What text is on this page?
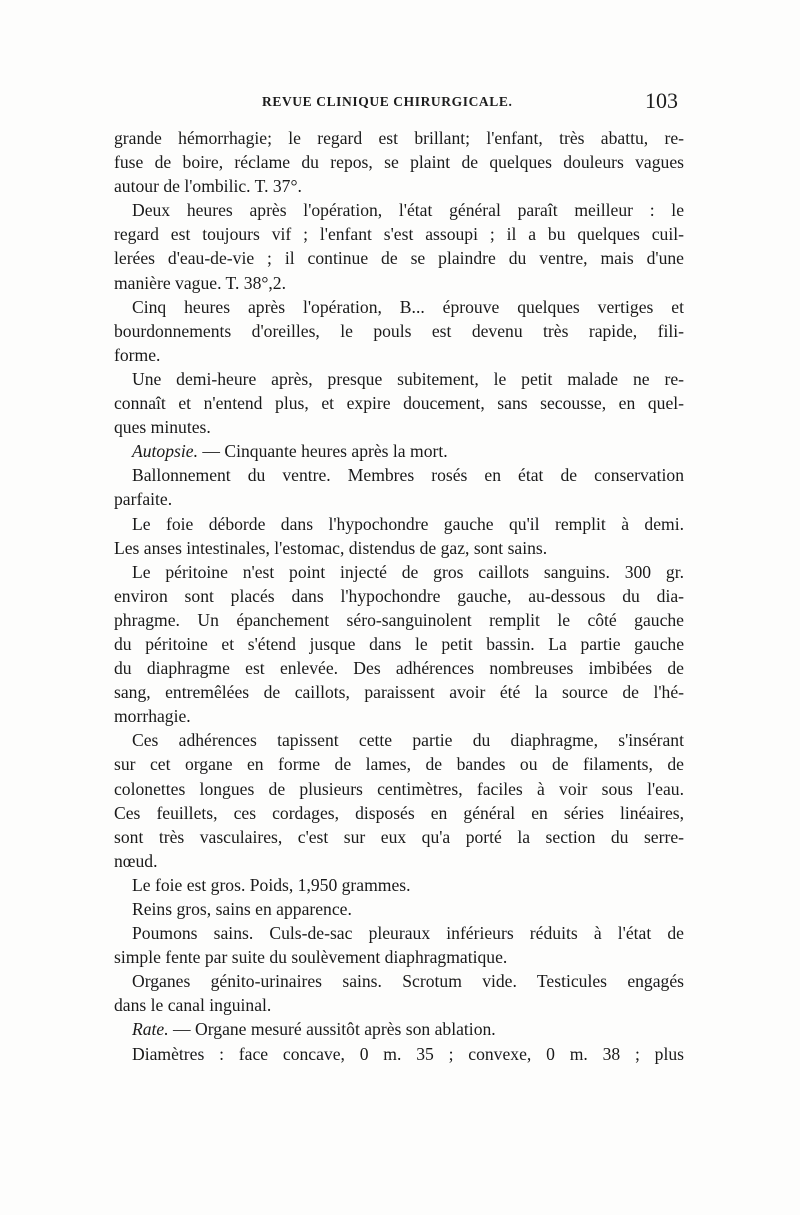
REVUE CLINIQUE CHIRURGICALE.	103

grande hémorrhagie; le regard est brillant; l'enfant, très abattu, re-
fuse de boire, réclame du repos, se plaint de quelques douleurs vagues
autour de l'ombilic. T. 37°.

Deux heures après l'opération, l'état général paraît meilleur : le
regard est toujours vif ; l'enfant s'est assoupi ; il a bu quelques cuil-
lerées d'eau-de-vie ; il continue de se plaindre du ventre, mais d'une
manière vague. T. 38°,2.

Cinq heures après l'opération, B... éprouve quelques vertiges et
bourdonnements d'oreilles, le pouls est devenu très rapide, fili-
forme.

Une demi-heure après, presque subitement, le petit malade ne re-
connaît et n'entend plus, et expire doucement, sans secousse, en quel-
ques minutes.

Autopsie. — Cinquante heures après la mort.

Ballonnement du ventre. Membres rosés en état de conservation
parfaite.

Le foie déborde dans l'hypochondre gauche qu'il remplit à demi.
Les anses intestinales, l'estomac, distendus de gaz, sont sains.

Le péritoine n'est point injecté de gros caillots sanguins. 300 gr.
environ sont placés dans l'hypochondre gauche, au-dessous du dia-
phragme. Un épanchement séro-sanguinolent remplit le côté gauche
du péritoine et s'étend jusque dans le petit bassin. La partie gauche
du diaphragme est enlevée. Des adhérences nombreuses imbibées de
sang, entremêlées de caillots, paraissent avoir été la source de l'hé-
morrhagie.

Ces adhérences tapissent cette partie du diaphragme, s'insérant
sur cet organe en forme de lames, de bandes ou de filaments, de
colonettes longues de plusieurs centimètres, faciles à voir sous l'eau.
Ces feuillets, ces cordages, disposés en général en séries linéaires,
sont très vasculaires, c'est sur eux qu'a porté la section du serre-
nœud.

Le foie est gros. Poids, 1,950 grammes.

Reins gros, sains en apparence.

Poumons sains. Culs-de-sac pleuraux inférieurs réduits à l'état de
simple fente par suite du soulèvement diaphragmatique.

Organes génito-urinaires sains. Scrotum vide. Testicules engagés
dans le canal inguinal.

Rate. — Organe mesuré aussitôt après son ablation.

Diamètres : face concave, 0 m. 35 ; convexe, 0 m. 38 ; plus
